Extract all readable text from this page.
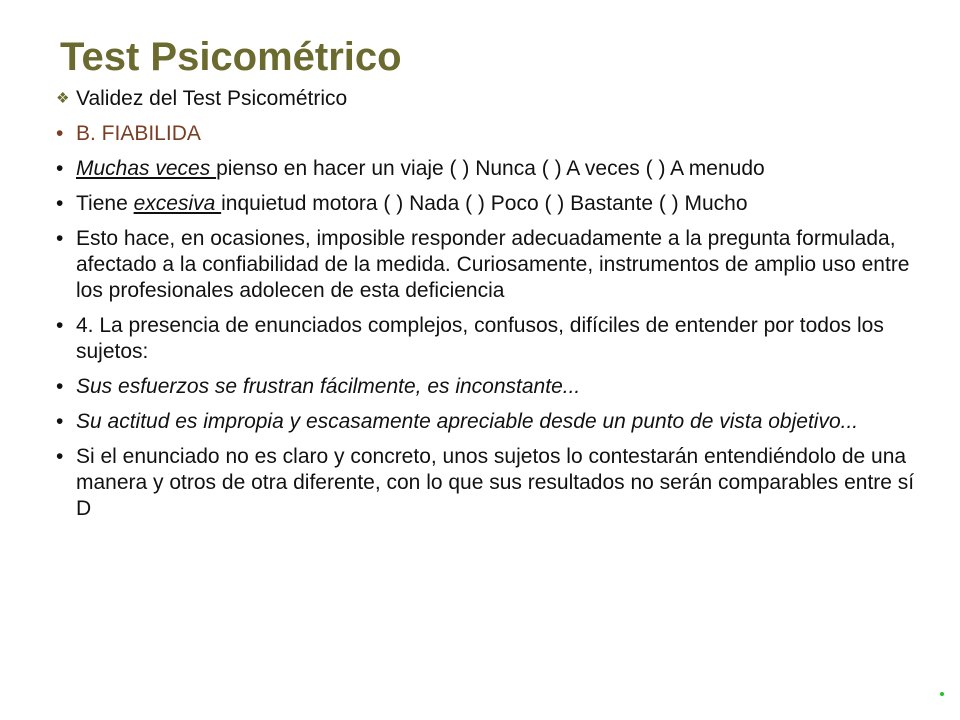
Test Psicométrico
❖ Validez del Test Psicométrico
• B. FIABILIDA
• Muchas veces pienso en hacer un viaje ( ) Nunca ( ) A veces ( ) A menudo
• Tiene excesiva inquietud motora ( ) Nada ( ) Poco ( ) Bastante ( ) Mucho
• Esto hace, en ocasiones, imposible responder adecuadamente a la pregunta formulada, afectado a la confiabilidad de la medida. Curiosamente, instrumentos de amplio uso entre los profesionales adolecen de esta deficiencia
• 4. La presencia de enunciados complejos, confusos, difíciles de entender por todos los sujetos:
• Sus esfuerzos se frustran fácilmente, es inconstante...
• Su actitud es impropia y escasamente apreciable desde un punto de vista objetivo...
• Si el enunciado no es claro y concreto, unos sujetos lo contestarán entendiéndolo de una manera y otros de otra diferente, con lo que sus resultados no serán comparables entre sí D
